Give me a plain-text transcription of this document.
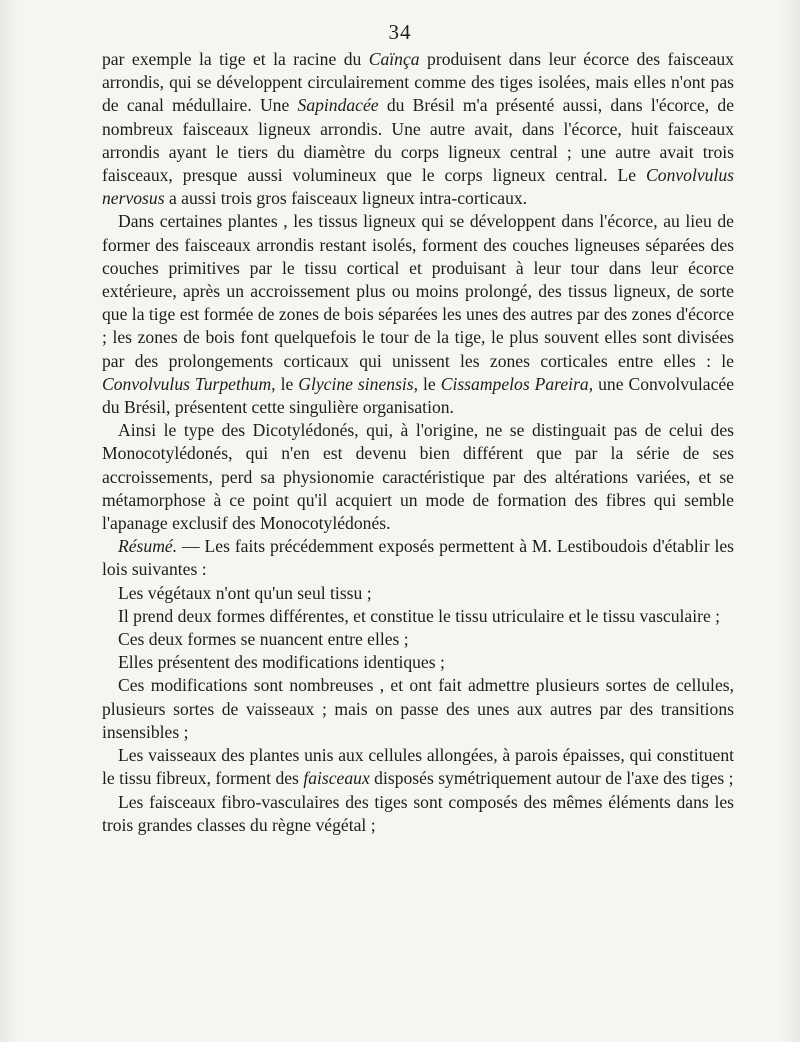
34

par exemple la tige et la racine du Caïnça produisent dans leur écorce des faisceaux arrondis, qui se développent circulairement comme des tiges isolées, mais elles n'ont pas de canal médullaire. Une Sapindacée du Brésil m'a présenté aussi, dans l'écorce, de nombreux faisceaux ligneux arrondis. Une autre avait, dans l'écorce, huit faisceaux arrondis ayant le tiers du diamètre du corps ligneux central ; une autre avait trois faisceaux, presque aussi volumineux que le corps ligneux central. Le Convolvulus nervosus a aussi trois gros faisceaux ligneux intra-corticaux.

Dans certaines plantes , les tissus ligneux qui se développent dans l'écorce, au lieu de former des faisceaux arrondis restant isolés, forment des couches ligneuses séparées des couches primitives par le tissu cortical et produisant à leur tour dans leur écorce extérieure, après un accroissement plus ou moins prolongé, des tissus ligneux, de sorte que la tige est formée de zones de bois séparées les unes des autres par des zones d'écorce ; les zones de bois font quelquefois le tour de la tige, le plus souvent elles sont divisées par des prolongements corticaux qui unissent les zones corticales entre elles : le Convolvulus Turpethum, le Glycine sinensis, le Cissampelos Pareira, une Convolvulacée du Brésil, présentent cette singulière organisation.

Ainsi le type des Dicotylédonés, qui, à l'origine, ne se distinguait pas de celui des Monocotylédonés, qui n'en est devenu bien différent que par la série de ses accroissements, perd sa physionomie caractéristique par des altérations variées, et se métamorphose à ce point qu'il acquiert un mode de formation des fibres qui semble l'apanage exclusif des Monocotylédonés.

Résumé. — Les faits précédemment exposés permettent à M. Lestiboudois d'établir les lois suivantes :

Les végétaux n'ont qu'un seul tissu ;

Il prend deux formes différentes, et constitue le tissu utriculaire et le tissu vasculaire ;

Ces deux formes se nuancent entre elles ;

Elles présentent des modifications identiques ;

Ces modifications sont nombreuses , et ont fait admettre plusieurs sortes de cellules, plusieurs sortes de vaisseaux ; mais on passe des unes aux autres par des transitions insensibles ;

Les vaisseaux des plantes unis aux cellules allongées, à parois épaisses, qui constituent le tissu fibreux, forment des faisceaux disposés symétriquement autour de l'axe des tiges ;

Les faisceaux fibro-vasculaires des tiges sont composés des mêmes éléments dans les trois grandes classes du règne végétal ;
